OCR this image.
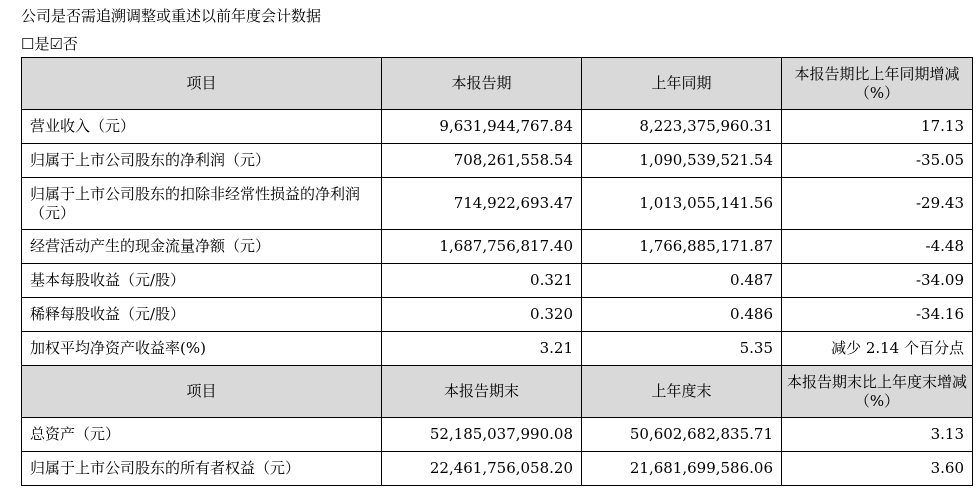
公司是否需追溯调整或重述以前年度会计数据
☐是☑否
项目	本报告期	上年同期	本报告期比上年同期增减（%）
营业收入（元）	9,631,944,767.84	8,223,375,960.31	17.13
归属于上市公司股东的净利润（元）	708,261,558.54	1,090,539,521.54	-35.05
归属于上市公司股东的扣除非经常性损益的净利润（元）	714,922,693.47	1,013,055,141.56	-29.43
经营活动产生的现金流量净额（元）	1,687,756,817.40	1,766,885,171.87	-4.48
基本每股收益（元/股）	0.321	0.487	-34.09
稀释每股收益（元/股）	0.320	0.486	-34.16
加权平均净资产收益率(%)	3.21	5.35	减少 2.14 个百分点
项目	本报告期末	上年度末	本报告期末比上年度末增减（%）
总资产（元）	52,185,037,990.08	50,602,682,835.71	3.13
归属于上市公司股东的所有者权益（元）	22,461,756,058.20	21,681,699,586.06	3.60
